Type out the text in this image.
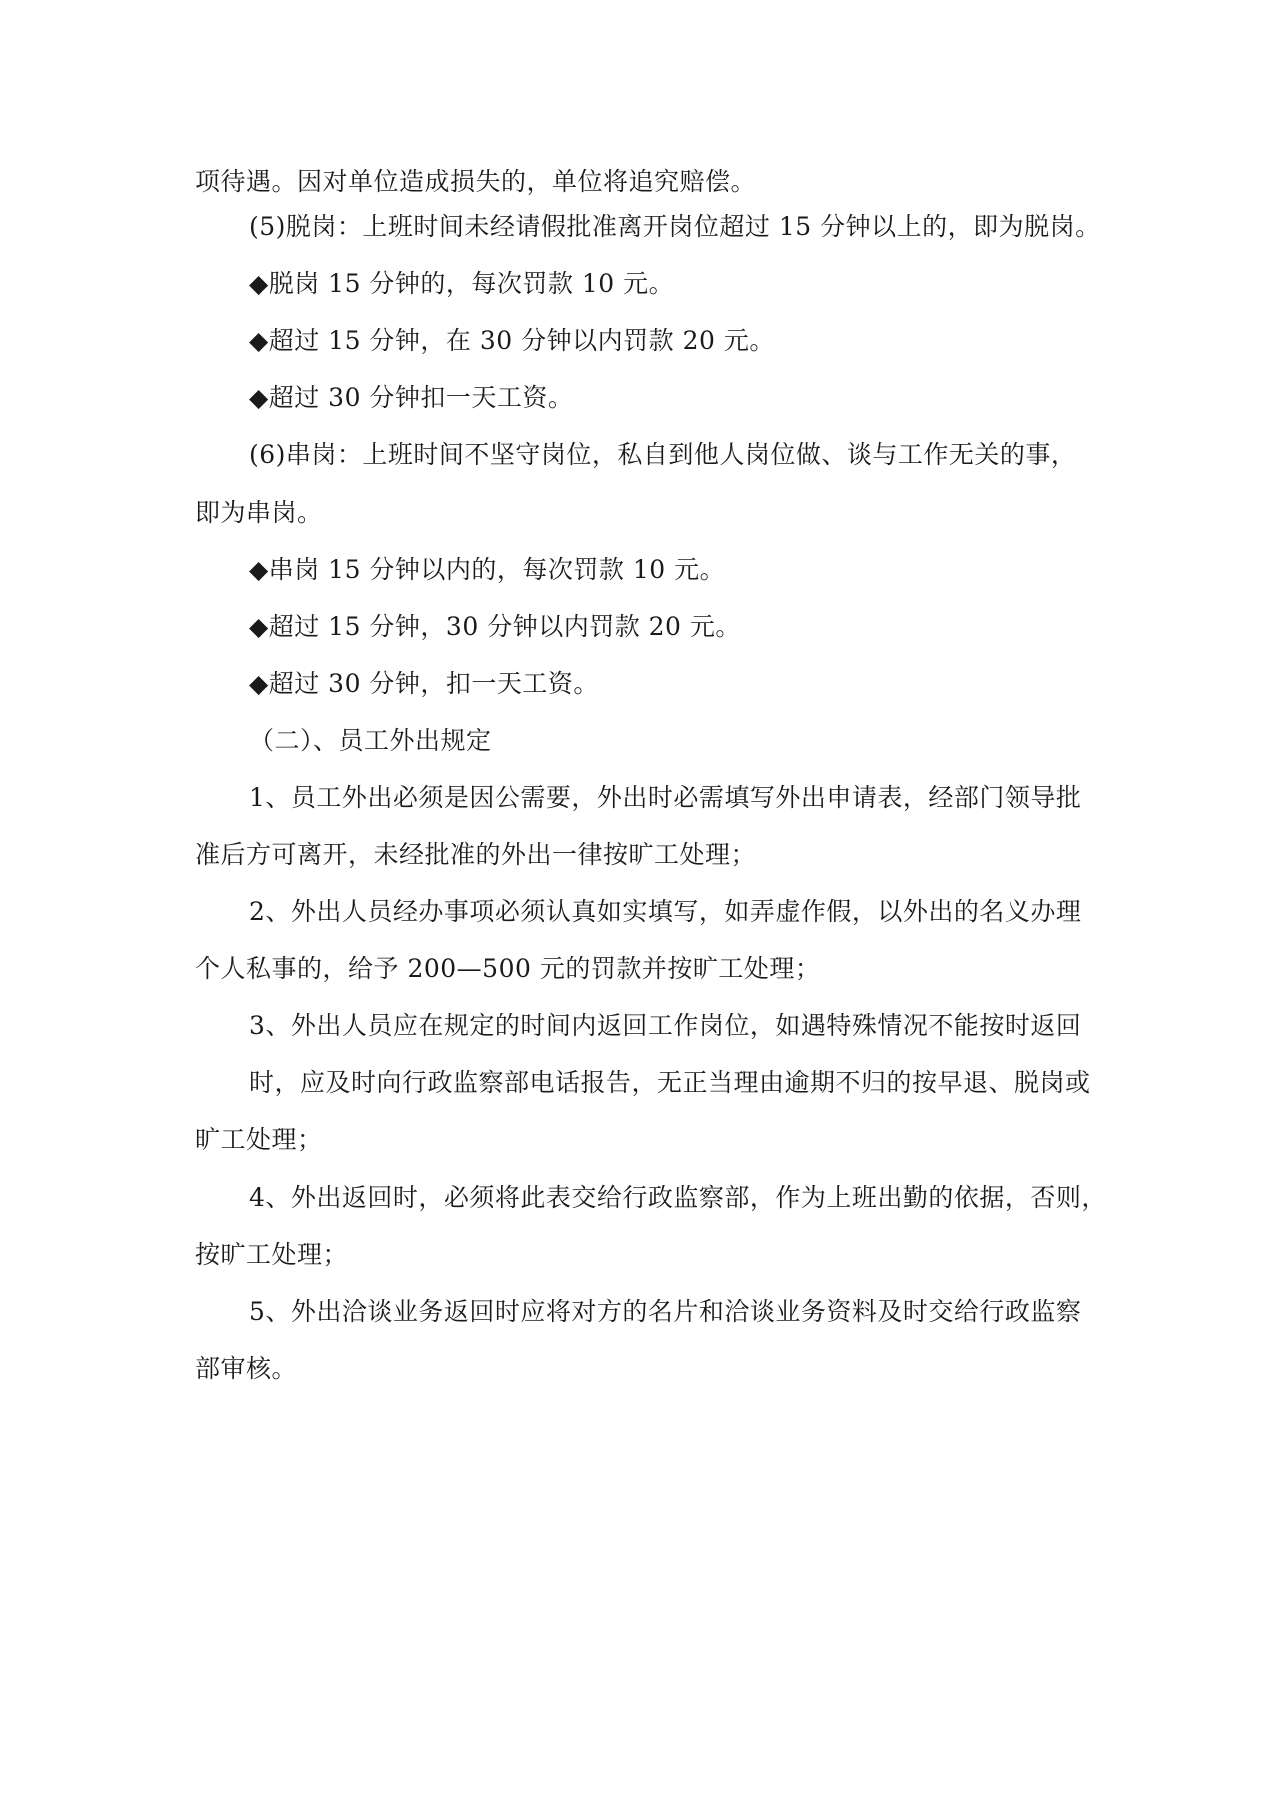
项待遇。因对单位造成损失的，单位将追究赔偿。
(5)脱岗：上班时间未经请假批准离开岗位超过 15 分钟以上的，即为脱岗。
◆脱岗 15 分钟的，每次罚款 10 元。
◆超过 15 分钟，在 30 分钟以内罚款 20 元。
◆超过 30 分钟扣一天工资。
(6)串岗：上班时间不坚守岗位，私自到他人岗位做、谈与工作无关的事，
即为串岗。
◆串岗 15 分钟以内的，每次罚款 10 元。
◆超过 15 分钟，30 分钟以内罚款 20 元。
◆超过 30 分钟，扣一天工资。
（二）、员工外出规定
1、员工外出必须是因公需要，外出时必需填写外出申请表，经部门领导批
准后方可离开，未经批准的外出一律按旷工处理；
2、外出人员经办事项必须认真如实填写，如弄虚作假，以外出的名义办理
个人私事的，给予 200—500 元的罚款并按旷工处理；
3、外出人员应在规定的时间内返回工作岗位，如遇特殊情况不能按时返回
时，应及时向行政监察部电话报告，无正当理由逾期不归的按早退、脱岗或
旷工处理；
4、外出返回时，必须将此表交给行政监察部，作为上班出勤的依据，否则，
按旷工处理；
5、外出洽谈业务返回时应将对方的名片和洽谈业务资料及时交给行政监察
部审核。
